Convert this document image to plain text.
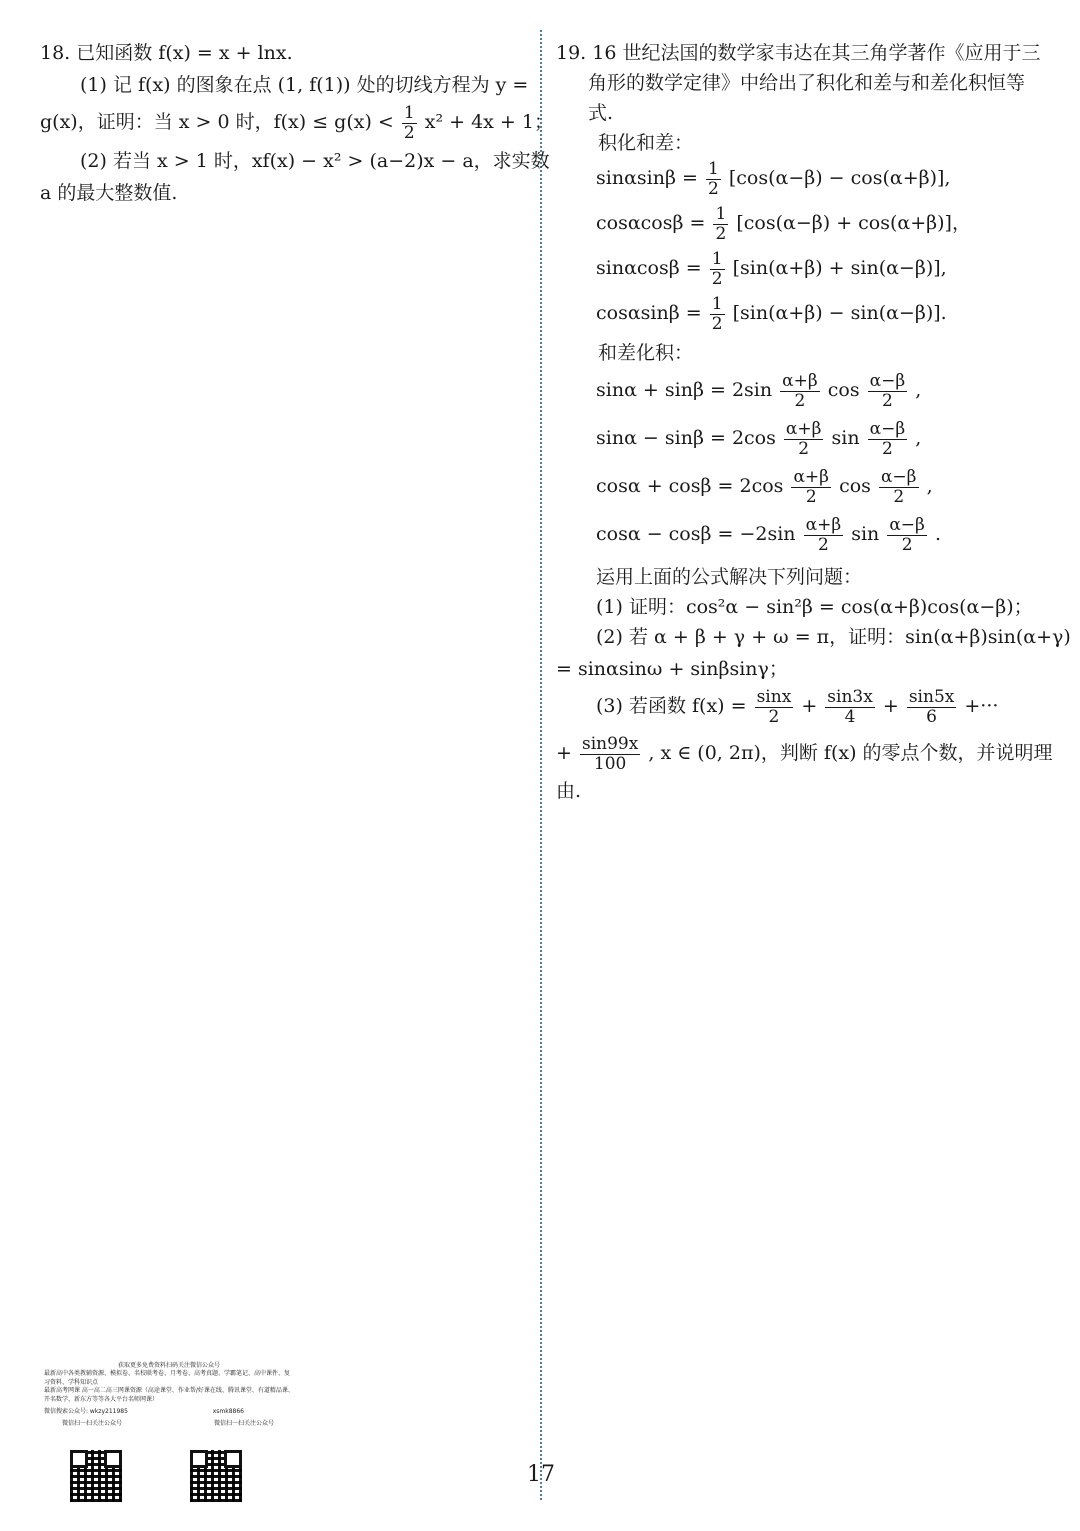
18. 已知函数 f(x) = x + lnx.
(1) 记 f(x) 的图象在点 (1, f(1)) 处的切线方程为 y =
g(x)，证明：当 x > 0 时，$f(x) \le g(x) < \frac{1}{2} x^2 + 4x + 1$；
(2) 若当 x > 1 时，xf(x) − x² > (a−2)x − a，求实数
a 的最大整数值.
19. 16 世纪法国的数学家韦达在其三角学著作《应用于三
角形的数学定律》中给出了积化和差与和差化积恒等
式.
积化和差：
$\sin\alpha\sin\beta = \frac{1}{2} [\cos(\alpha-\beta) - \cos(\alpha+\beta)]$,
$\cos\alpha\cos\beta = \frac{1}{2} [\cos(\alpha-\beta) + \cos(\alpha+\beta)]$，
$\sin\alpha\cos\beta = \frac{1}{2} [\sin(\alpha+\beta) + \sin(\alpha-\beta)]$,
$\cos\alpha\sin\beta = \frac{1}{2} [\sin(\alpha+\beta) - \sin(\alpha-\beta)]$.
和差化积：
$\sin\alpha + \sin\beta = 2\sin \frac{\alpha+\beta}{2}$ $\cos \frac{\alpha-\beta}{2}$ ,
$\sin\alpha - \sin\beta = 2\cos \frac{\alpha+\beta}{2}$ $\sin \frac{\alpha-\beta}{2}$ ,
$\cos\alpha + \cos\beta = 2\cos \frac{\alpha+\beta}{2}$ $\cos \frac{\alpha-\beta}{2}$ ,
$\cos\alpha - \cos\beta = -2\sin \frac{\alpha+\beta}{2}$ $\sin \frac{\alpha-\beta}{2}$ .
运用上面的公式解决下列问题：
(1) 证明：cos²α − sin²β = cos(α+β)cos(α−β)；
(2) 若 α + β + γ + ω = π，证明：sin(α+β)sin(α+γ)
= sinαsinω + sinβsinγ；
(3) 若函数 $f(x) = \frac{\sin x}{2} + \frac{\sin 3x}{4} + \frac{\sin 5x}{6}$ +···
+ $\frac{\sin 99x}{100}$ , x ∈ (0, 2π)，判断 f(x) 的零点个数，并说明理
由.
获取更多免费资料扫码关注微信公众号
最新高中各类教辅资源、模拟卷、名校联考卷、月考卷、高考真题、学霸笔记、高中课件、复习资料、学科知识点
最新高考网课 高一高二高三网课资源（高途课堂、作业帮/好课在线、腾讯课堂、有道精品课、开名数学、新东方等等各大平台名师网课）
微信搜索公众号: wkzy211985	xsmk8866
微信扫一扫关注公众号	微信扫一扫关注公众号
17
